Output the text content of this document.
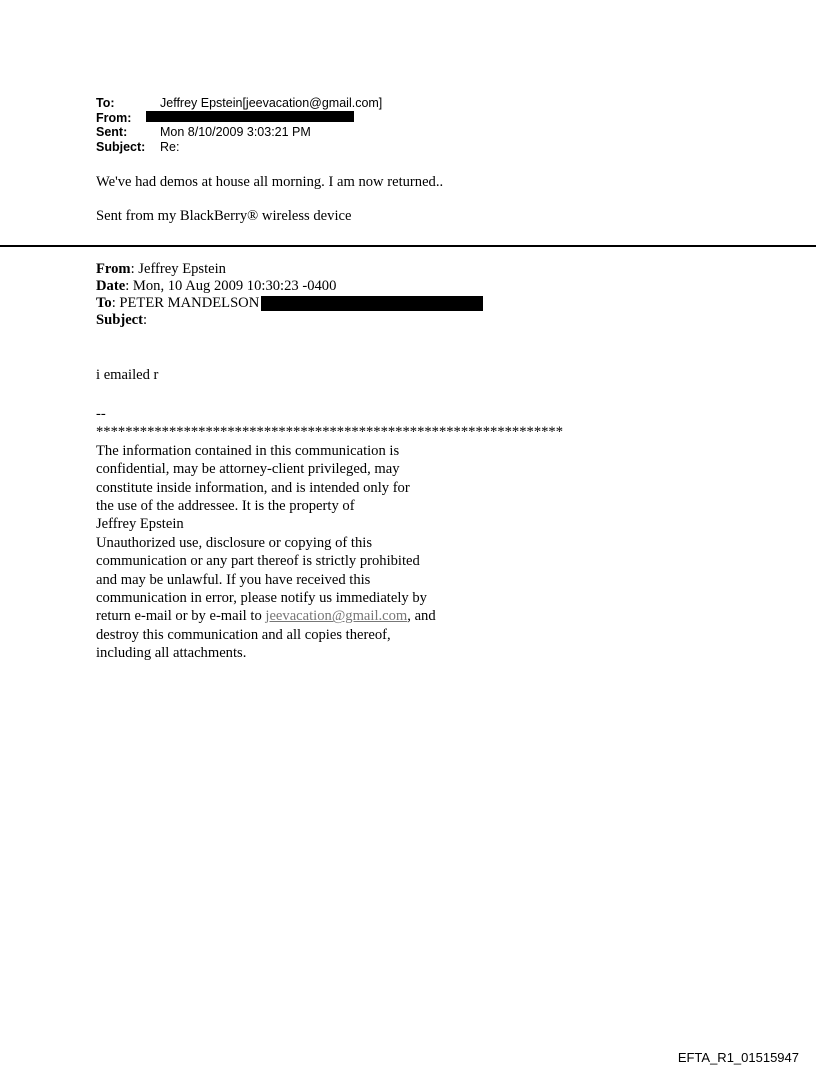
To:	Jeffrey Epstein[jeevacation@gmail.com]
From:
Sent:	Mon 8/10/2009 3:03:21 PM
Subject:	Re:
We've had demos at house all morning. I am now returned..
Sent from my BlackBerry® wireless device
From: Jeffrey Epstein
Date: Mon, 10 Aug 2009 10:30:23 -0400
To: PETER MANDELSON
Subject:
i emailed r
--
****************************************************************
The information contained in this communication is
confidential, may be attorney-client privileged, may
constitute inside information, and is intended only for
the use of the addressee. It is the property of
Jeffrey Epstein
Unauthorized use, disclosure or copying of this
communication or any part thereof is strictly prohibited
and may be unlawful. If you have received this
communication in error, please notify us immediately by
return e-mail or by e-mail to jeevacation@gmail.com, and
destroy this communication and all copies thereof,
including all attachments.
EFTA_R1_01515947
